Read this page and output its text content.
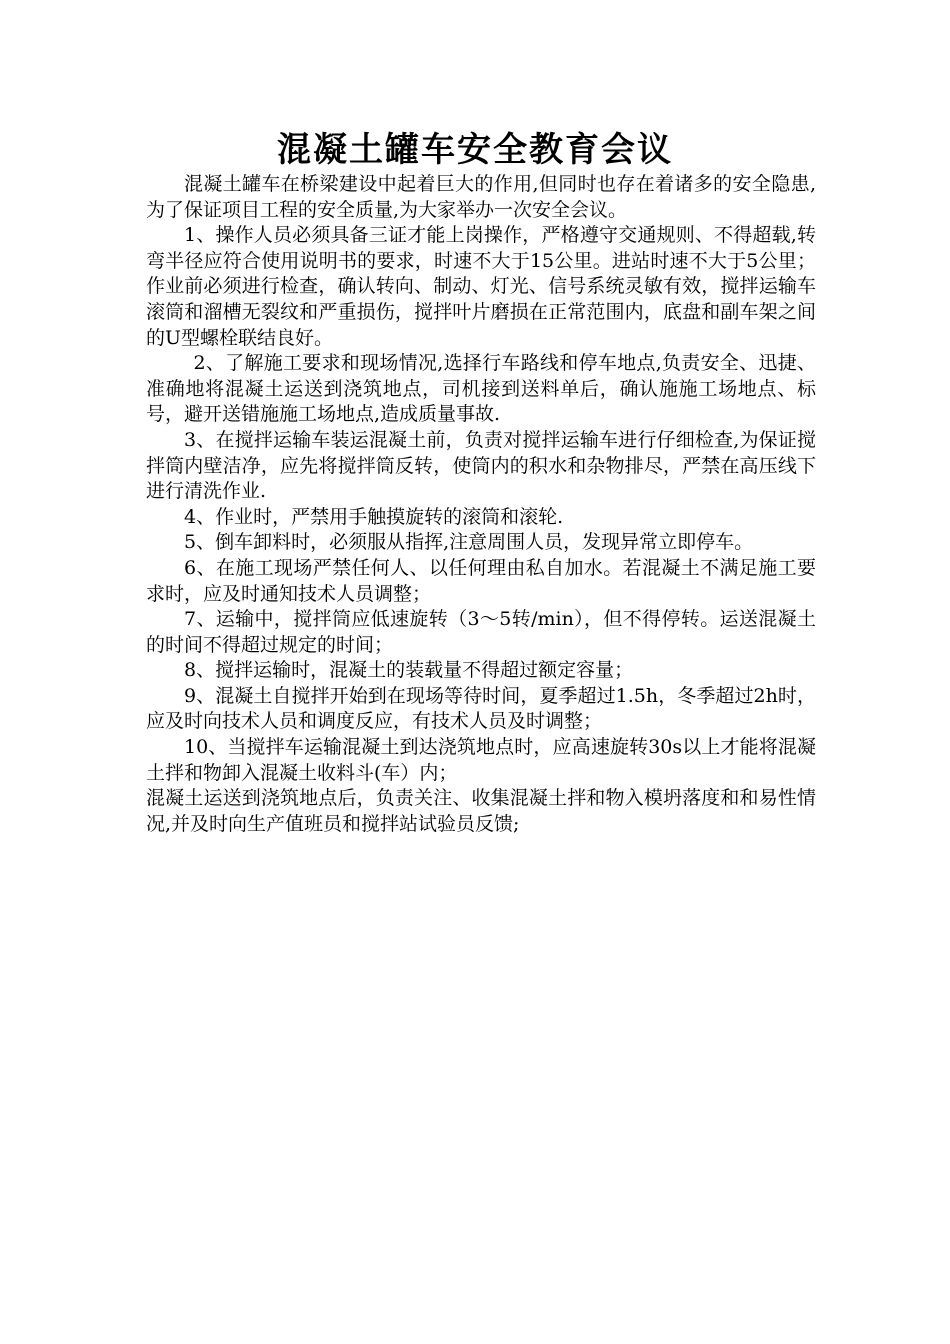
混凝土罐车安全教育会议

混凝土罐车在桥梁建设中起着巨大的作用,但同时也存在着诸多的安全隐患,为了保证项目工程的安全质量,为大家举办一次安全会议。

1、操作人员必须具备三证才能上岗操作，严格遵守交通规则、不得超载,转弯半径应符合使用说明书的要求，时速不大于15公里。进站时速不大于5公里；作业前必须进行检查，确认转向、制动、灯光、信号系统灵敏有效，搅拌运输车滚筒和溜槽无裂纹和严重损伤，搅拌叶片磨损在正常范围内，底盘和副车架之间的U型螺栓联结良好。

2、了解施工要求和现场情况,选择行车路线和停车地点,负责安全、迅捷、准确地将混凝土运送到浇筑地点，司机接到送料单后，确认施施工场地点、标号，避开送错施施工场地点,造成质量事故.

3、在搅拌运输车装运混凝土前，负责对搅拌运输车进行仔细检查,为保证搅拌筒内壁洁净，应先将搅拌筒反转，使筒内的积水和杂物排尽，严禁在高压线下进行清洗作业.

4、作业时，严禁用手触摸旋转的滚筒和滚轮.

5、倒车卸料时，必须服从指挥,注意周围人员，发现异常立即停车。

6、在施工现场严禁任何人、以任何理由私自加水。若混凝土不满足施工要求时，应及时通知技术人员调整；

7、运输中，搅拌筒应低速旋转（3～5转/min），但不得停转。运送混凝土的时间不得超过规定的时间；

8、搅拌运输时，混凝土的装载量不得超过额定容量；

9、混凝土自搅拌开始到在现场等待时间，夏季超过1.5h，冬季超过2h时，应及时向技术人员和调度反应，有技术人员及时调整；

10、当搅拌车运输混凝土到达浇筑地点时，应高速旋转30s以上才能将混凝土拌和物卸入混凝土收料斗(车）内；

混凝土运送到浇筑地点后，负责关注、收集混凝土拌和物入模坍落度和和易性情况,并及时向生产值班员和搅拌站试验员反馈;
